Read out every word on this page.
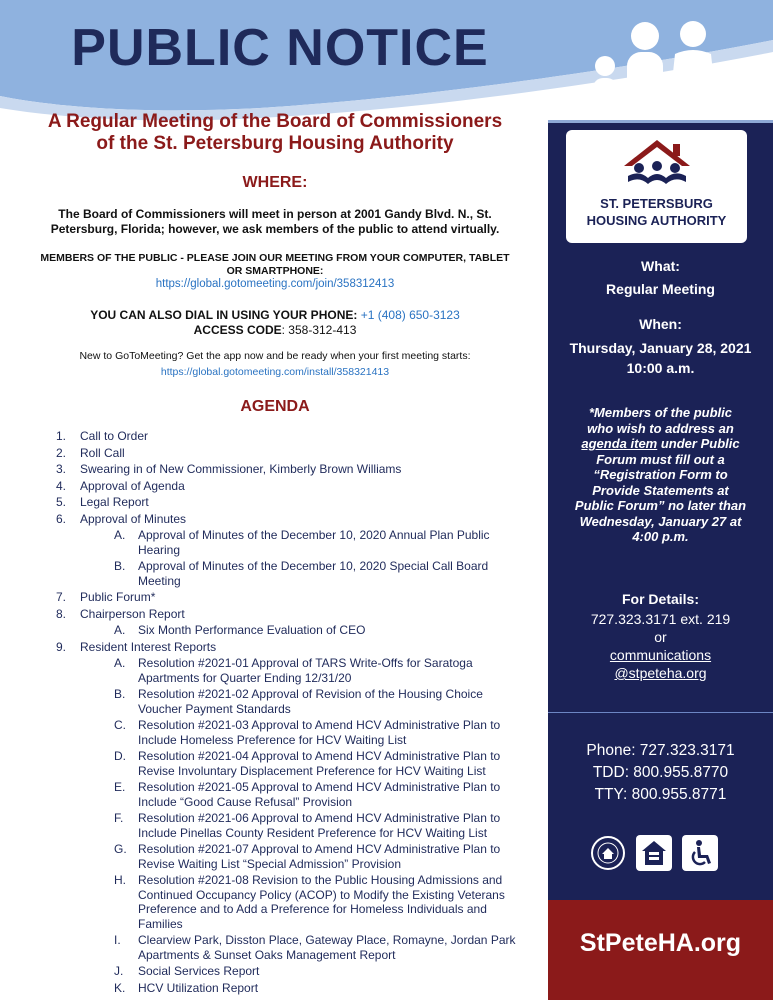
PUBLIC NOTICE
A Regular Meeting of the Board of Commissioners
of the St. Petersburg Housing Authority
WHERE:
The Board of Commissioners will meet in person at 2001 Gandy Blvd. N., St.
Petersburg, Florida; however, we ask members of the public to attend virtually.
MEMBERS OF THE PUBLIC - PLEASE JOIN OUR MEETING FROM YOUR COMPUTER, TABLET
OR SMARTPHONE:
https://global.gotomeeting.com/join/358312413
YOU CAN ALSO DIAL IN USING YOUR PHONE: +1 (408) 650-3123
ACCESS CODE: 358-312-413
New to GoToMeeting? Get the app now and be ready when your first meeting starts:
https://global.gotomeeting.com/install/358321413
AGENDA
1.	Call to Order
2.	Roll Call
3.	Swearing in of New Commissioner, Kimberly Brown Williams
4.	Approval of Agenda
5.	Legal Report
6.	Approval of Minutes
A.	Approval of Minutes of the December 10, 2020 Annual Plan Public
Hearing
B.	Approval of Minutes of the December 10, 2020 Special Call Board
Meeting
7.	Public Forum*
8.	Chairperson Report
A.	Six Month Performance Evaluation of CEO
9.	Resident Interest Reports
A.	Resolution #2021-01 Approval of TARS Write-Offs for Saratoga
Apartments for Quarter Ending 12/31/20
B.	Resolution #2021-02 Approval of Revision of the Housing Choice
Voucher Payment Standards
C.	Resolution #2021-03 Approval to Amend HCV Administrative Plan to
Include Homeless Preference for HCV Waiting List
D.	Resolution #2021-04 Approval to Amend HCV Administrative Plan to
Revise Involuntary Displacement Preference for HCV Waiting List
E.	Resolution #2021-05 Approval to Amend HCV Administrative Plan to
Include “Good Cause Refusal” Provision
F.	Resolution #2021-06 Approval to Amend HCV Administrative Plan to
Include Pinellas County Resident Preference for HCV Waiting List
G. Resolution #2021-07 Approval to Amend HCV Administrative Plan to
Revise Waiting List “Special Admission” Provision
H.	Resolution #2021-08 Revision to the Public Housing Admissions and
Continued Occupancy Policy (ACOP) to Modify the Existing Veterans
Preference and to Add a Preference for Homeless Individuals and
Families
I.	Clearview Park, Disston Place, Gateway Place, Romayne, Jordan Park
Apartments & Sunset Oaks Management Report
J.	Social Services Report
K.	HCV Utilization Report
ST. PETERSBURG
HOUSING AUTHORITY
What:
Regular Meeting
When:
Thursday, January 28, 2021
10:00 a.m.
*Members of the public
who wish to address an
agenda item under Public
Forum must fill out a
“Registration Form to
Provide Statements at
Public Forum” no later than
Wednesday, January 27 at
4:00 p.m.
For Details:
727.323.3171 ext. 219
or
communications
@stpeteha.org
Phone: 727.323.3171
TDD: 800.955.8770
TTY: 800.955.8771
StPeteHA.org
